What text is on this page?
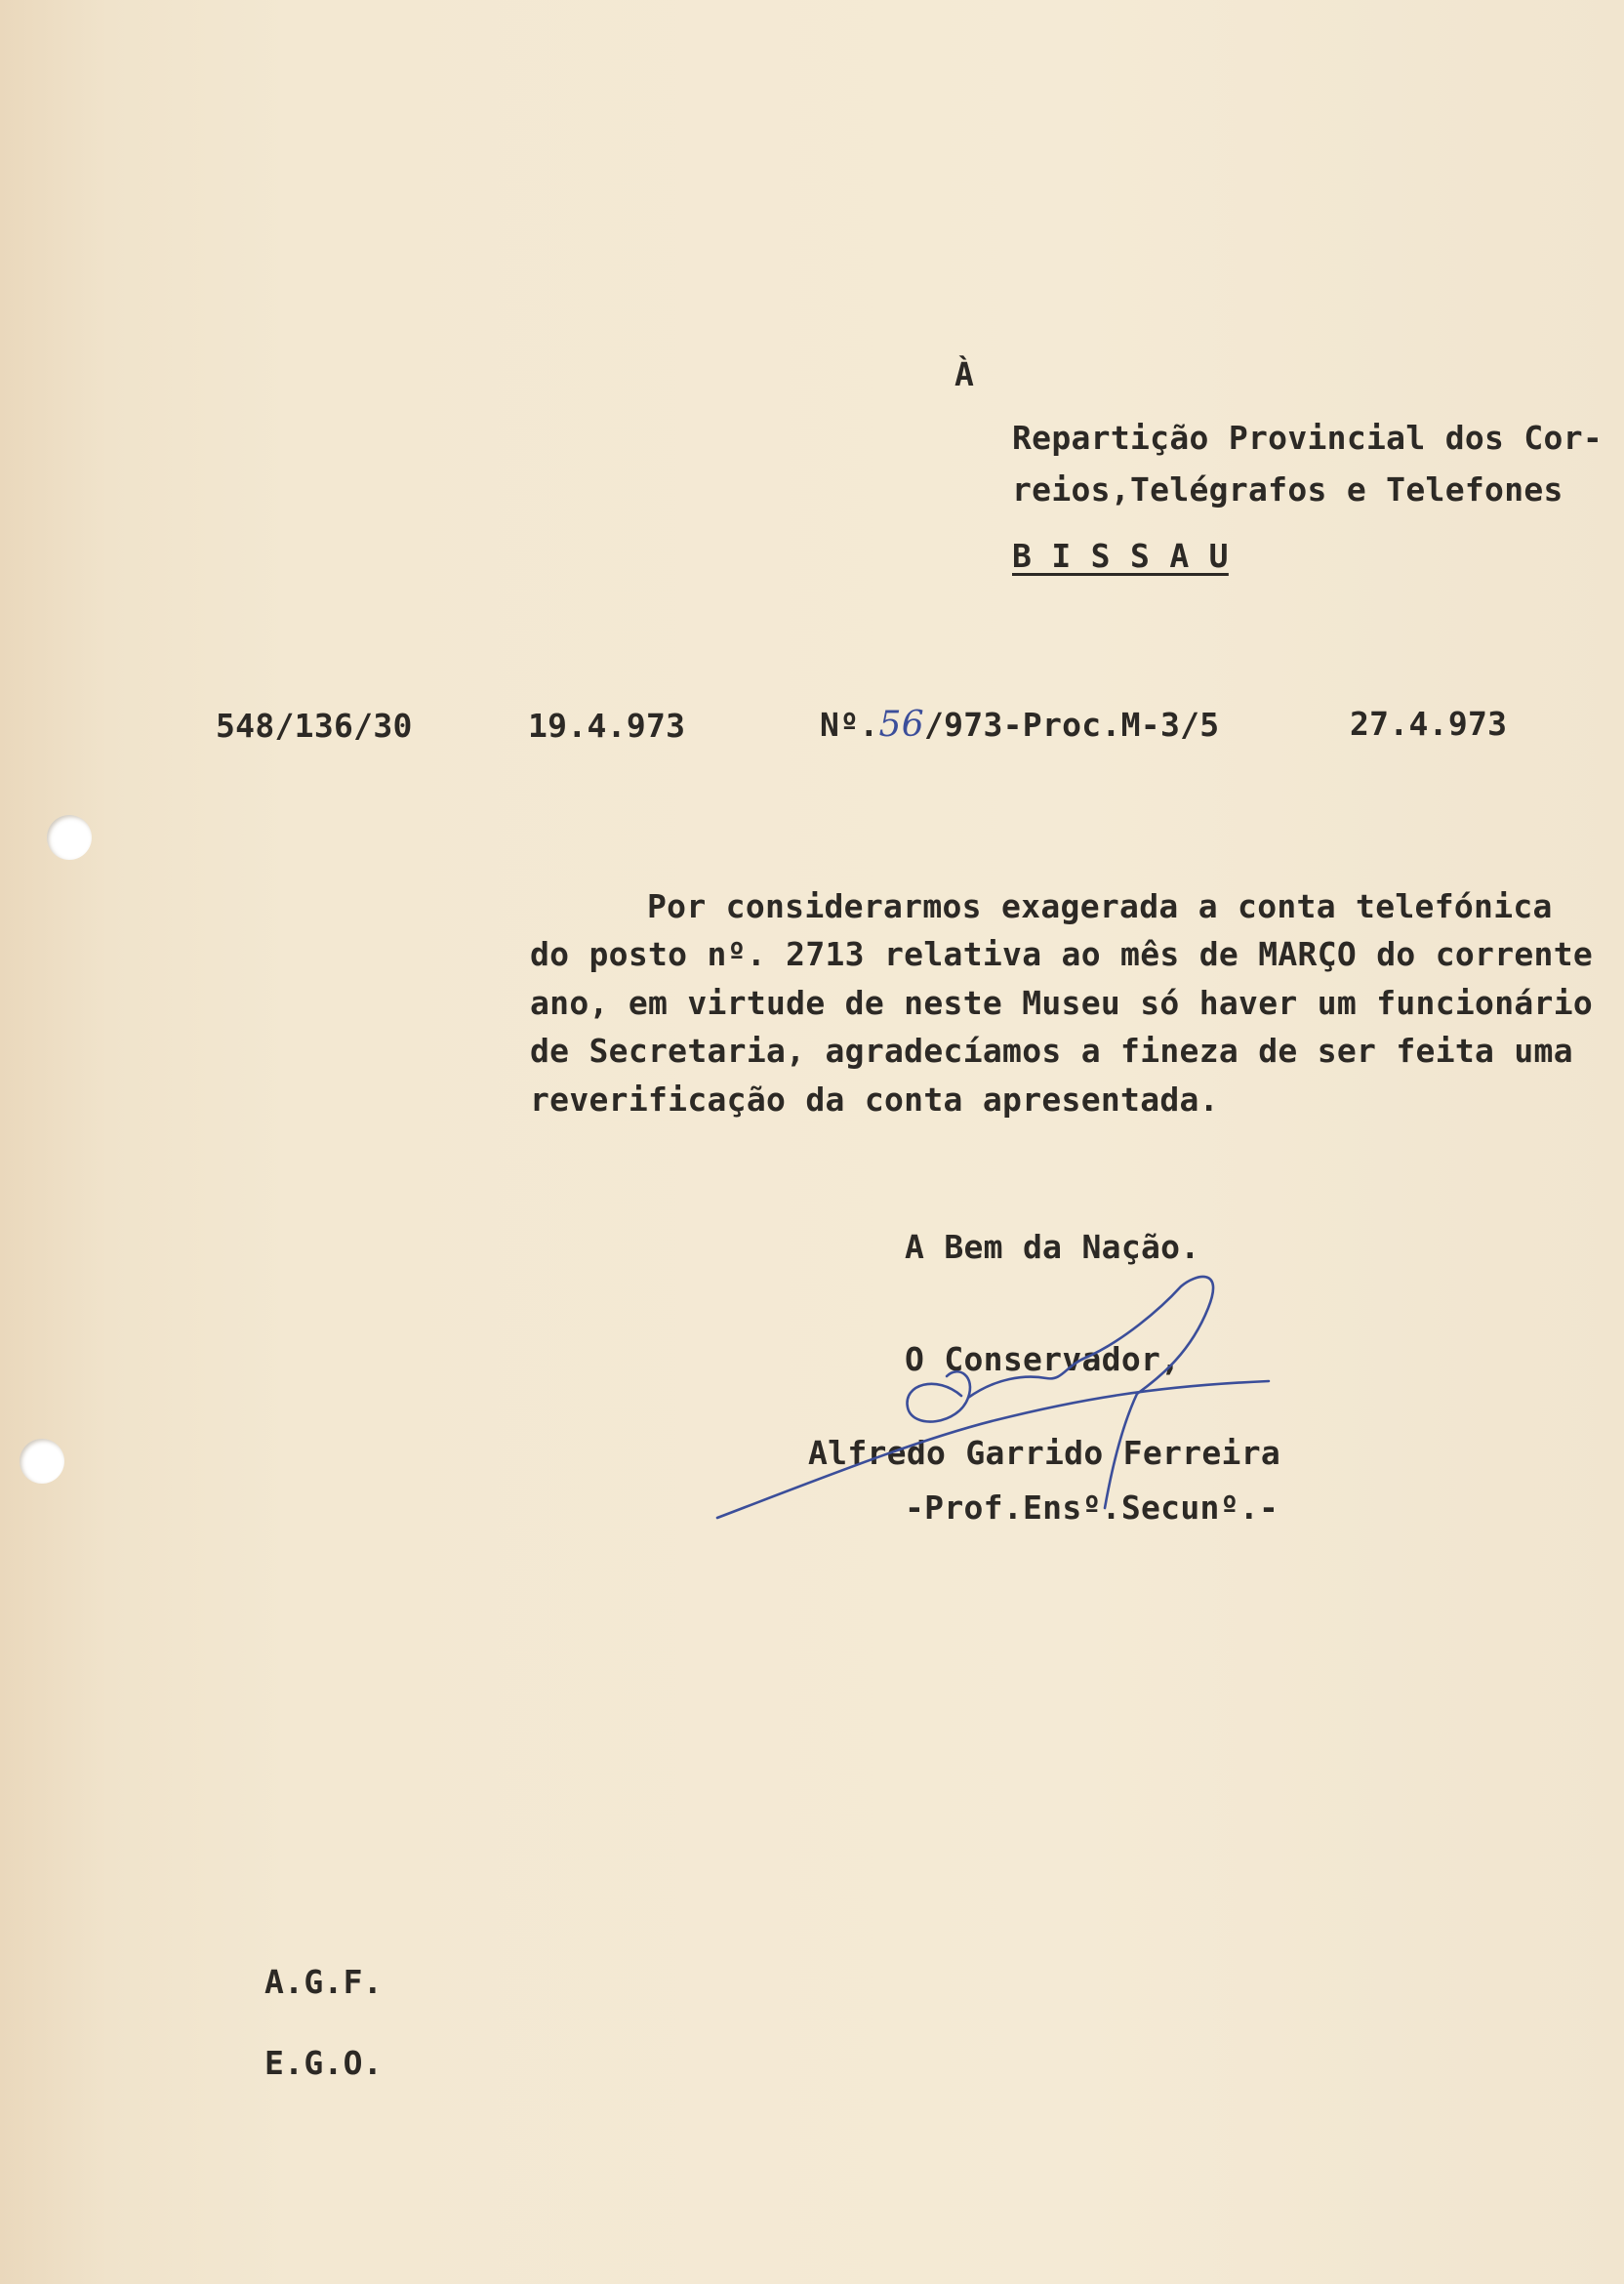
À
Repartição Provincial dos Cor-
reios,Telégrafos e Telefones
B I S S A U
548/136/30	19.4.973	Nº.56/973-Proc.M-3/5	27.4.973
Por considerarmos exagerada a conta telefónica
do posto nº. 2713 relativa ao mês de MARÇO do corrente
ano, em virtude de neste Museu só haver um funcionário
de Secretaria, agradecíamos a fineza de ser feita uma
reverificação da conta apresentada.
A Bem da Nação.
O Conservador,
Alfredo Garrido Ferreira
-Prof.Ensº.Secunº.-
A.G.F.
E.G.O.
